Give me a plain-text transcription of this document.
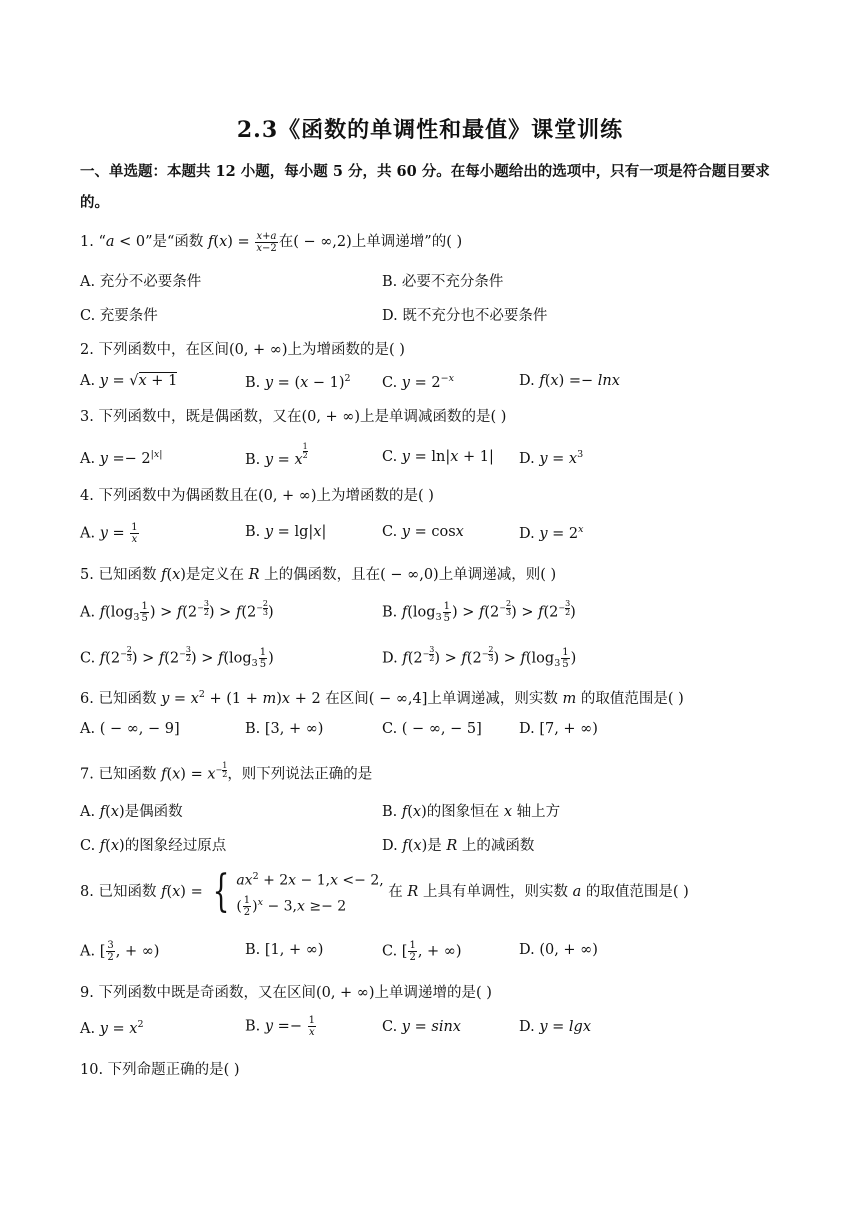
2.3《函数的单调性和最值》课堂训练
一、单选题：本题共 12 小题，每小题 5 分，共 60 分。在每小题给出的选项中，只有一项是符合题目要求的。
1. “a < 0”是“函数 $f(x) = \frac{x+a}{x-2}$ 在( − ∞,2)上单调递增”的( )
A. 充分不必要条件	B. 必要不充分条件
C. 充要条件	D. 既不充分也不必要条件
2. 下列函数中，在区间(0, + ∞)上为增函数的是( )
A. y = √x + 1	B. $y = (x - 1)^2$ C. $y = 2^{-x}$	D. f(x) =− lnx
3. 下列函数中，既是偶函数，又在(0, + ∞)上是单调减函数的是( )
A. $y =- 2^{|x|}$	B. y = x $\frac{1}{2}$	C. y = ln|x + 1| D. $y = x^3$
4. 下列函数中为偶函数且在(0, + ∞)上为增函数的是( )
A. $y = \frac{1}{x}$	B. y = lg|x|	C. y = cosx	D. $y = 2^x$
5. 已知函数 f(x)是定义在 R 上的偶函数，且在( − ∞,0)上单调递减，则( )
A. $f(\log_3 \frac{1}{5}$ ) > $f(2- \frac{3}{2}$ ) > $f(2- \frac{2}{3}$ )	B. $f(\log_3 \frac{1}{5}$ ) > $f(2- \frac{2}{3}$ ) > $f(2- \frac{3}{2}$ )
C. $f(2- \frac{2}{3}$ ) > $f(2- \frac{3}{2}$ ) > $f(\log_3 \frac{1}{5}$ )	D. $f(2- \frac{3}{2}$ ) > $f(2- \frac{2}{3}$ ) > $f(\log_3 \frac{1}{5}$ )
6. 已知函数 $y = x^2 + (1 + m)x + 2$ 在区间( − ∞,4]上单调递减，则实数 m 的取值范围是( )
A. ( − ∞, − 9]	B. [3, + ∞)	C. ( − ∞, − 5]	D. [7, + ∞)
7. 已知函数 $f(x) = x- \frac{1}{2}$ ，则下列说法正确的是
A. f(x)是偶函数	B. f(x)的图象恒在 x 轴上方
C. f(x)的图象经过原点	D. f(x)是 R 上的减函数
8. 已知函数 f(x) = { $ax^2 + 2x - 1,x <- 2$,
( $\frac{1}{2} )^x - 3,x \ge- 2$
在 R 上具有单调性，则实数 a 的取值范围是( )
A. [ $\frac{3}{2}$ , + ∞)	B. [1, + ∞)	C. [ $\frac{1}{2}$ , + ∞)	D. (0, + ∞)
9. 下列函数中既是奇函数，又在区间(0, + ∞)上单调递增的是( )
A. $y = x^2$	B. $y =- \frac{1}{x}$	C. y = sinx	D. y = lgx
10. 下列命题正确的是( )
